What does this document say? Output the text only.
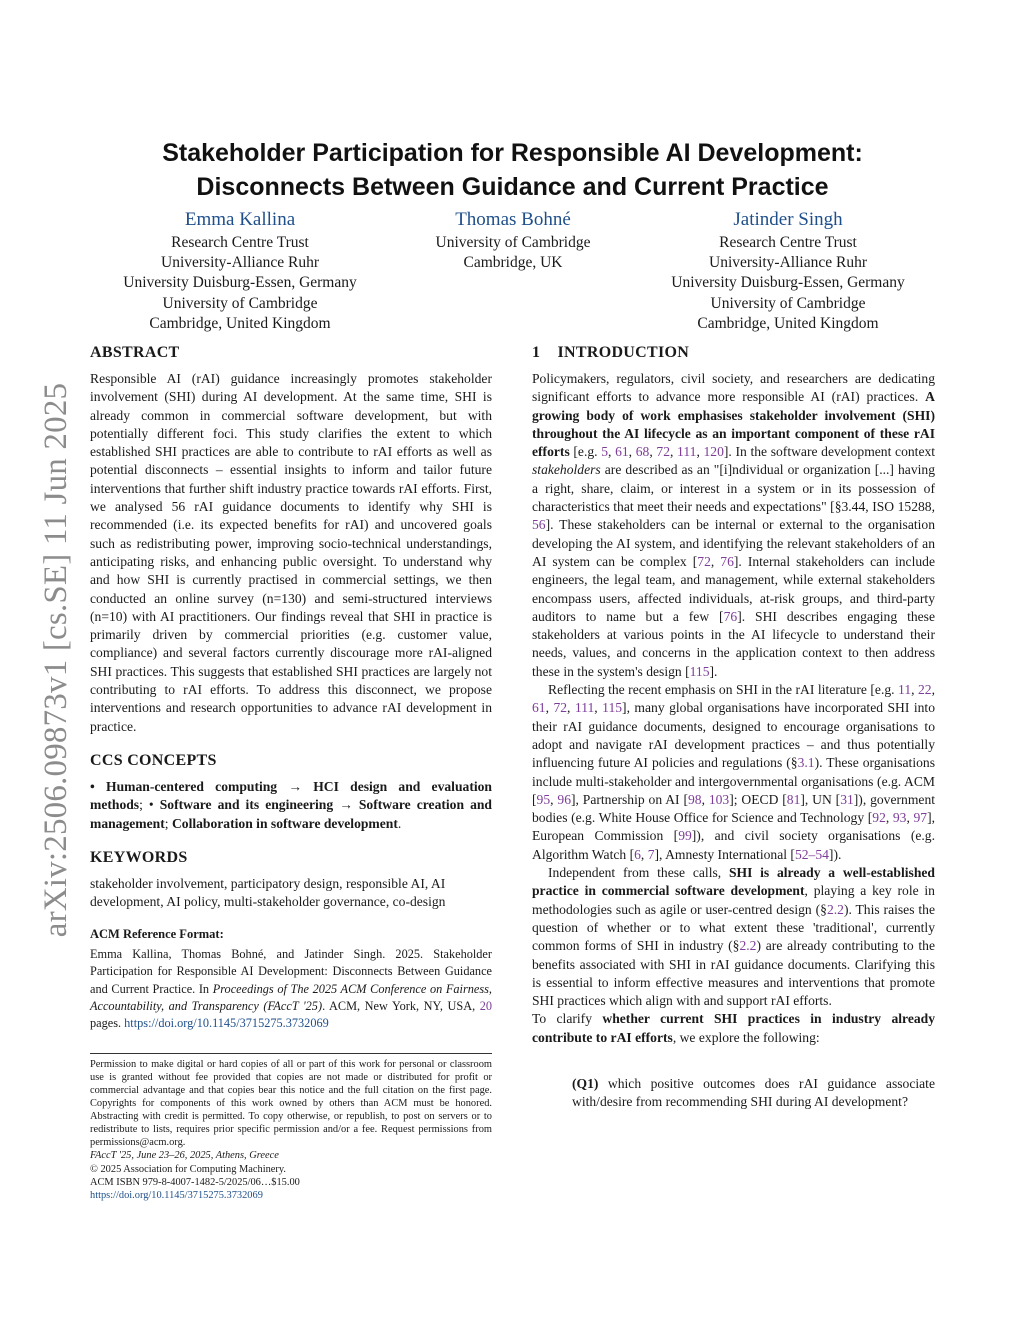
arXiv:2506.09873v1 [cs.SE] 11 Jun 2025
Stakeholder Participation for Responsible AI Development:
Disconnects Between Guidance and Current Practice
Emma Kallina
Research Centre Trust
University-Alliance Ruhr
University Duisburg-Essen, Germany
University of Cambridge
Cambridge, United Kingdom
Thomas Bohné
University of Cambridge
Cambridge, UK
Jatinder Singh
Research Centre Trust
University-Alliance Ruhr
University Duisburg-Essen, Germany
University of Cambridge
Cambridge, United Kingdom
ABSTRACT

Responsible AI (rAI) guidance increasingly promotes stakeholder involvement (SHI) during AI development. At the same time, SHI is already common in commercial software development, but with potentially different foci. This study clarifies the extent to which established SHI practices are able to contribute to rAI efforts as well as potential disconnects – essential insights to inform and tailor future interventions that further shift industry practice towards rAI efforts. First, we analysed 56 rAI guidance documents to identify why SHI is recommended (i.e. its expected benefits for rAI) and uncovered goals such as redistributing power, improving socio-technical understandings, anticipating risks, and enhancing public oversight. To understand why and how SHI is currently practised in commercial settings, we then conducted an online survey (n=130) and semi-structured interviews (n=10) with AI practitioners. Our findings reveal that SHI in practice is primarily driven by commercial priorities (e.g. customer value, compliance) and several factors currently discourage more rAI-aligned SHI practices. This suggests that established SHI practices are largely not contributing to rAI efforts. To address this disconnect, we propose interventions and research opportunities to advance rAI development in practice.

CCS CONCEPTS

• Human-centered computing → HCI design and evaluation methods; • Software and its engineering → Software creation and management; Collaboration in software development.

KEYWORDS

stakeholder involvement, participatory design, responsible AI, AI development, AI policy, multi-stakeholder governance, co-design

ACM Reference Format:
Emma Kallina, Thomas Bohné, and Jatinder Singh. 2025. Stakeholder Participation for Responsible AI Development: Disconnects Between Guidance and Current Practice. In Proceedings of The 2025 ACM Conference on Fairness, Accountability, and Transparency (FAccT '25). ACM, New York, NY, USA, 20 pages. https://doi.org/10.1145/3715275.3732069

Permission to make digital or hard copies of all or part of this work for personal or classroom use is granted without fee provided that copies are not made or distributed for profit or commercial advantage and that copies bear this notice and the full citation on the first page. Copyrights for components of this work owned by others than ACM must be honored. Abstracting with credit is permitted. To copy otherwise, or republish, to post on servers or to redistribute to lists, requires prior specific permission and/or a fee. Request permissions from permissions@acm.org.

FAccT '25, June 23–26, 2025, Athens, Greece
© 2025 Association for Computing Machinery.
ACM ISBN 979-8-4007-1482-5/2025/06…$15.00
https://doi.org/10.1145/3715275.3732069
1    INTRODUCTION

Policymakers, regulators, civil society, and researchers are dedicating significant efforts to advance more responsible AI (rAI) practices. A growing body of work emphasises stakeholder involvement (SHI) throughout the AI lifecycle as an important component of these rAI efforts [e.g. 5, 61, 68, 72, 111, 120]. In the software development context stakeholders are described as an "[i]ndividual or organization [...] having a right, share, claim, or interest in a system or in its possession of characteristics that meet their needs and expectations" [§3.44, ISO 15288, 56]. These stakeholders can be internal or external to the organisation developing the AI system, and identifying the relevant stakeholders of an AI system can be complex [72, 76]. Internal stakeholders can include engineers, the legal team, and management, while external stakeholders encompass users, affected individuals, at-risk groups, and third-party auditors to name but a few [76]. SHI describes engaging these stakeholders at various points in the AI lifecycle to understand their needs, values, and concerns in the application context to then address these in the system's design [115].

Reflecting the recent emphasis on SHI in the rAI literature [e.g. 11, 22, 61, 72, 111, 115], many global organisations have incorporated SHI into their rAI guidance documents, designed to encourage organisations to adopt and navigate rAI development practices – and thus potentially influencing future AI policies and regulations (§3.1). These organisations include multi-stakeholder and intergovernmental organisations (e.g. ACM [95, 96], Partnership on AI [98, 103]; OECD [81], UN [31]), government bodies (e.g. White House Office for Science and Technology [92, 93, 97], European Commission [99]), and civil society organisations (e.g. Algorithm Watch [6, 7], Amnesty International [52–54]).

Independent from these calls, SHI is already a well-established practice in commercial software development, playing a key role in methodologies such as agile or user-centred design (§2.2). This raises the question of whether or to what extent these 'traditional', currently common forms of SHI in industry (§2.2) are already contributing to the benefits associated with SHI in rAI guidance documents. Clarifying this is essential to inform effective measures and interventions that promote SHI practices which align with and support rAI efforts.

To clarify whether current SHI practices in industry already contribute to rAI efforts, we explore the following:

(Q1) which positive outcomes does rAI guidance associate with/desire from recommending SHI during AI development?
